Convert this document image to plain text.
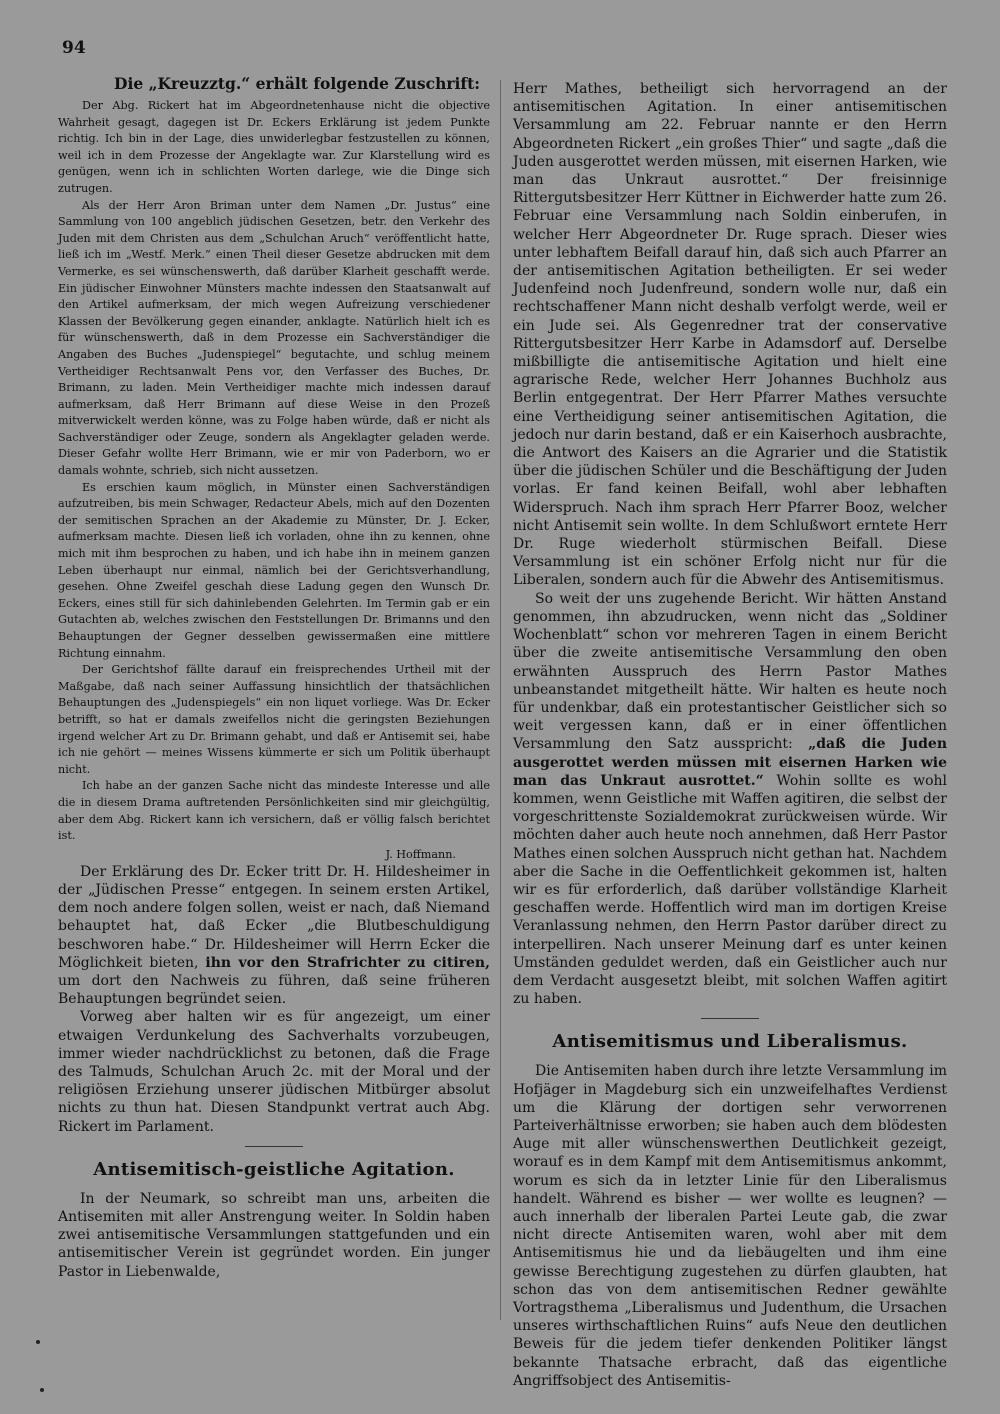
94
Die „Kreuzztg.“ erhält folgende Zuschrift:

Der Abg. Rickert hat im Abgeordnetenhause nicht die objective Wahrheit gesagt, dagegen ist Dr. Eckers Erklärung ist jedem Punkte richtig. Ich bin in der Lage, dies unwiderlegbar festzustellen zu können, weil ich in dem Prozesse der Angeklagte war. Zur Klarstellung wird es genügen, wenn ich in schlichten Worten darlege, wie die Dinge sich zutrugen.

Als der Herr Aron Briman unter dem Namen „Dr. Justus“ eine Sammlung von 100 angeblich jüdischen Gesetzen, betr. den Verkehr des Juden mit dem Christen aus dem „Schulchan Aruch“ veröffentlicht hatte, ließ ich im „Westf. Merk.“ einen Theil dieser Gesetze abdrucken mit dem Vermerke, es sei wünschenswerth, daß darüber Klarheit geschafft werde. Ein jüdischer Einwohner Münsters machte indessen den Staatsanwalt auf den Artikel aufmerksam, der mich wegen Aufreizung verschiedener Klassen der Bevölkerung gegen einander, anklagte. Natürlich hielt ich es für wünschenswerth, daß in dem Prozesse ein Sachverständiger die Angaben des Buches „Judenspiegel“ begutachte, und schlug meinem Vertheidiger Rechtsanwalt Pens vor, den Verfasser des Buches, Dr. Brimann, zu laden. Mein Vertheidiger machte mich indessen darauf aufmerksam, daß Herr Brimann auf diese Weise in den Prozeß mitverwickelt werden könne, was zu Folge haben würde, daß er nicht als Sachverständiger oder Zeuge, sondern als Angeklagter geladen werde. Dieser Gefahr wollte Herr Brimann, wie er mir von Paderborn, wo er damals wohnte, schrieb, sich nicht aussetzen.

Es erschien kaum möglich, in Münster einen Sachverständigen aufzutreiben, bis mein Schwager, Redacteur Abels, mich auf den Dozenten der semitischen Sprachen an der Akademie zu Münster, Dr. J. Ecker, aufmerksam machte. Diesen ließ ich vorladen, ohne ihn zu kennen, ohne mich mit ihm besprochen zu haben, und ich habe ihn in meinem ganzen Leben überhaupt nur einmal, nämlich bei der Gerichtsverhandlung, gesehen. Ohne Zweifel geschah diese Ladung gegen den Wunsch Dr. Eckers, eines still für sich dahinlebenden Gelehrten. Im Termin gab er ein Gutachten ab, welches zwischen den Feststellungen Dr. Brimanns und den Behauptungen der Gegner desselben gewissermaßen eine mittlere Richtung einnahm.

Der Gerichtshof fällte darauf ein freisprechendes Urtheil mit der Maßgabe, daß nach seiner Auffassung hinsichtlich der thatsächlichen Behauptungen des „Judenspiegels“ ein non liquet vorliege. Was Dr. Ecker betrifft, so hat er damals zweifellos nicht die geringsten Beziehungen irgend welcher Art zu Dr. Brimann gehabt, und daß er Antisemit sei, habe ich nie gehört — meines Wissens kümmerte er sich um Politik überhaupt nicht.

Ich habe an der ganzen Sache nicht das mindeste Interesse und alle die in diesem Drama auftretenden Persönlichkeiten sind mir gleichgültig, aber dem Abg. Rickert kann ich versichern, daß er völlig falsch berichtet ist.

J. Hoffmann.

Der Erklärung des Dr. Ecker tritt Dr. H. Hildesheimer in der „Jüdischen Presse“ entgegen. In seinem ersten Artikel, dem noch andere folgen sollen, weist er nach, daß Niemand behauptet hat, daß Ecker „die Blutbeschuldigung beschworen habe.“ Dr. Hildesheimer will Herrn Ecker die Möglichkeit bieten, ihn vor den Strafrichter zu citiren, um dort den Nachweis zu führen, daß seine früheren Behauptungen begründet seien.

Vorweg aber halten wir es für angezeigt, um einer etwaigen Verdunkelung des Sachverhalts vorzubeugen, immer wieder nachdrücklichst zu betonen, daß die Frage des Talmuds, Schulchan Aruch 2c. mit der Moral und der religiösen Erziehung unserer jüdischen Mitbürger absolut nichts zu thun hat. Diesen Standpunkt vertrat auch Abg. Rickert im Parlament.

Antisemitisch-geistliche Agitation.

In der Neumark, so schreibt man uns, arbeiten die Antisemiten mit aller Anstrengung weiter. In Soldin haben zwei antisemitische Versammlungen stattgefunden und ein antisemitischer Verein ist gegründet worden. Ein junger Pastor in Liebenwalde,

Herr Mathes, betheiligt sich hervorragend an der antisemitischen Agitation. In einer antisemitischen Versammlung am 22. Februar nannte er den Herrn Abgeordneten Rickert „ein großes Thier“ und sagte „daß die Juden ausgerottet werden müssen, mit eisernen Harken, wie man das Unkraut ausrottet.“ Der freisinnige Rittergutsbesitzer Herr Küttner in Eichwerder hatte zum 26. Februar eine Versammlung nach Soldin einberufen, in welcher Herr Abgeordneter Dr. Ruge sprach. Dieser wies unter lebhaftem Beifall darauf hin, daß sich auch Pfarrer an der antisemitischen Agitation betheiligten. Er sei weder Judenfeind noch Judenfreund, sondern wolle nur, daß ein rechtschaffener Mann nicht deshalb verfolgt werde, weil er ein Jude sei. Als Gegenredner trat der conservative Rittergutsbesitzer Herr Karbe in Adamsdorf auf. Derselbe mißbilligte die antisemitische Agitation und hielt eine agrarische Rede, welcher Herr Johannes Buchholz aus Berlin entgegentrat. Der Herr Pfarrer Mathes versuchte eine Vertheidigung seiner antisemitischen Agitation, die jedoch nur darin bestand, daß er ein Kaiserhoch ausbrachte, die Antwort des Kaisers an die Agrarier und die Statistik über die jüdischen Schüler und die Beschäftigung der Juden vorlas. Er fand keinen Beifall, wohl aber lebhaften Widerspruch. Nach ihm sprach Herr Pfarrer Booz, welcher nicht Antisemit sein wollte. In dem Schlußwort erntete Herr Dr. Ruge wiederholt stürmischen Beifall. Diese Versammlung ist ein schöner Erfolg nicht nur für die Liberalen, sondern auch für die Abwehr des Antisemitismus.

So weit der uns zugehende Bericht. Wir hätten Anstand genommen, ihn abzudrucken, wenn nicht das „Soldiner Wochenblatt“ schon vor mehreren Tagen in einem Bericht über die zweite antisemitische Versammlung den oben erwähnten Ausspruch des Herrn Pastor Mathes unbeanstandet mitgetheilt hätte. Wir halten es heute noch für undenkbar, daß ein protestantischer Geistlicher sich so weit vergessen kann, daß er in einer öffentlichen Versammlung den Satz ausspricht: „daß die Juden ausgerottet werden müssen mit eisernen Harken wie man das Unkraut ausrottet.“ Wohin sollte es wohl kommen, wenn Geistliche mit Waffen agitiren, die selbst der vorgeschrittenste Sozialdemokrat zurückweisen würde. Wir möchten daher auch heute noch annehmen, daß Herr Pastor Mathes einen solchen Ausspruch nicht gethan hat. Nachdem aber die Sache in die Oeffentlichkeit gekommen ist, halten wir es für erforderlich, daß darüber vollständige Klarheit geschaffen werde. Hoffentlich wird man im dortigen Kreise Veranlassung nehmen, den Herrn Pastor darüber direct zu interpelliren. Nach unserer Meinung darf es unter keinen Umständen geduldet werden, daß ein Geistlicher auch nur dem Verdacht ausgesetzt bleibt, mit solchen Waffen agitirt zu haben.

Antisemitismus und Liberalismus.

Die Antisemiten haben durch ihre letzte Versammlung im Hofjäger in Magdeburg sich ein unzweifelhaftes Verdienst um die Klärung der dortigen sehr verworrenen Parteiverhältnisse erworben; sie haben auch dem blödesten Auge mit aller wünschenswerthen Deutlichkeit gezeigt, worauf es in dem Kampf mit dem Antisemitismus ankommt, worum es sich da in letzter Linie für den Liberalismus handelt. Während es bisher — wer wollte es leugnen? — auch innerhalb der liberalen Partei Leute gab, die zwar nicht directe Antisemiten waren, wohl aber mit dem Antisemitismus hie und da liebäugelten und ihm eine gewisse Berechtigung zugestehen zu dürfen glaubten, hat schon das von dem antisemitischen Redner gewählte Vortragsthema „Liberalismus und Judenthum, die Ursachen unseres wirthschaftlichen Ruins“ aufs Neue den deutlichen Beweis für die jedem tiefer denkenden Politiker längst bekannte Thatsache erbracht, daß das eigentliche Angriffsobject des Antisemitis-
